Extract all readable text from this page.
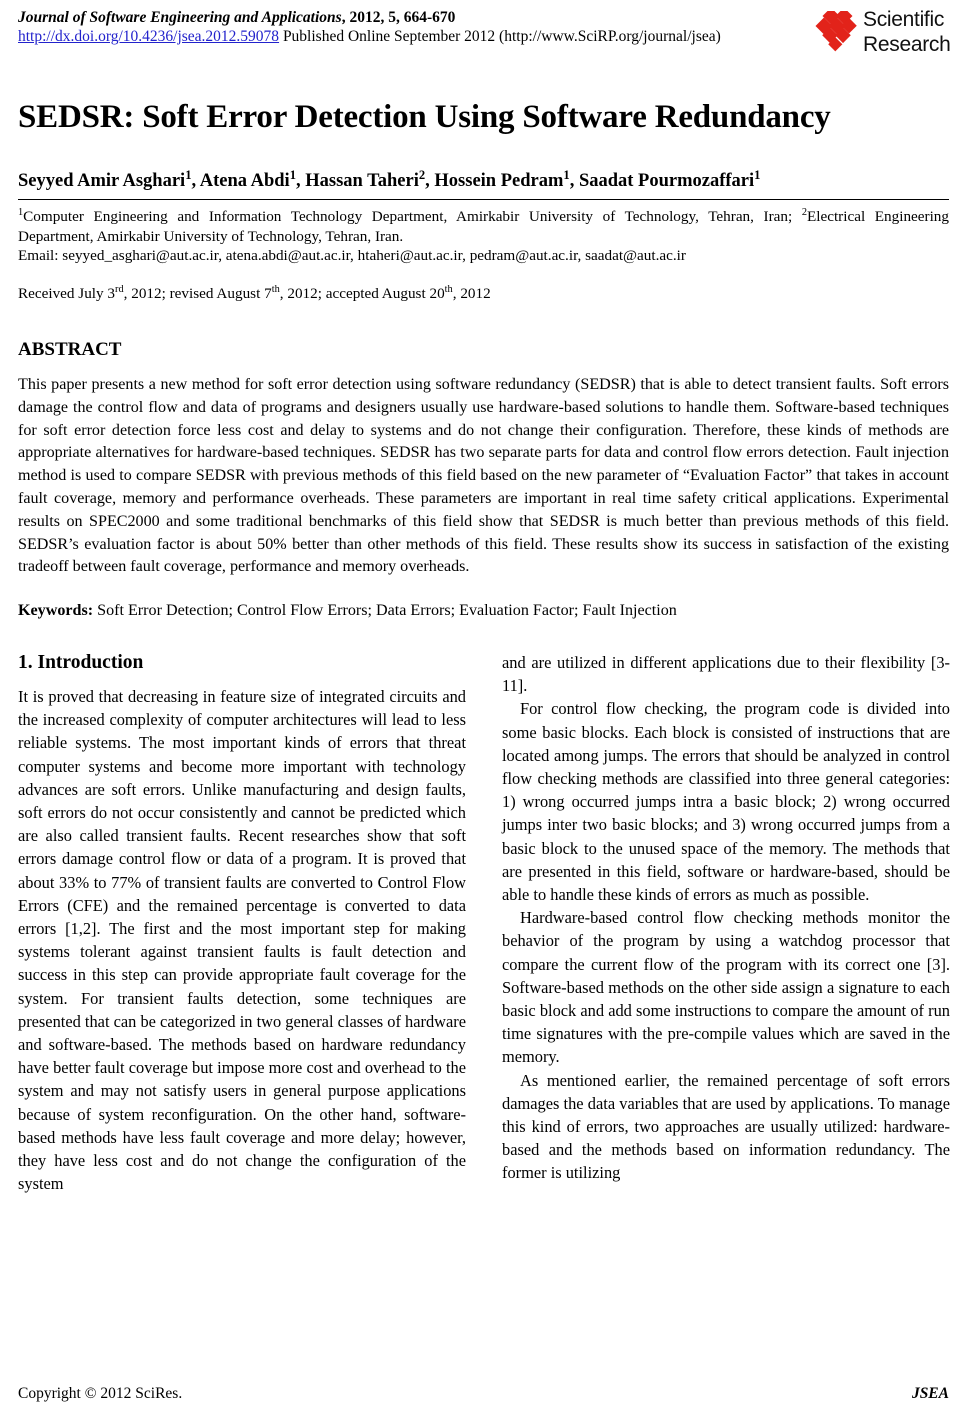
Journal of Software Engineering and Applications, 2012, 5, 664-670
http://dx.doi.org/10.4236/jsea.2012.59078 Published Online September 2012 (http://www.SciRP.org/journal/jsea)
Scientific
Research
SEDSR: Soft Error Detection Using Software Redundancy
Seyyed Amir Asghari$^1$, Atena Abdi$^1$, Hassan Taheri$^2$, Hossein Pedram$^1$, Saadat Pourmozaffari$^1$

$^1$Computer Engineering and Information Technology Department, Amirkabir University of Technology, Tehran, Iran; $^2$Electrical Engineering Department, Amirkabir University of Technology, Tehran, Iran.

Email: seyyed_asghari@aut.ac.ir, atena.abdi@aut.ac.ir, htaheri@aut.ac.ir, pedram@aut.ac.ir, saadat@aut.ac.ir

Received July 3rd, 2012; revised August 7th, 2012; accepted August 20th, 2012
ABSTRACT
This paper presents a new method for soft error detection using software redundancy (SEDSR) that is able to detect transient faults. Soft errors damage the control flow and data of programs and designers usually use hardware-based solutions to handle them. Software-based techniques for soft error detection force less cost and delay to systems and do not change their configuration. Therefore, these kinds of methods are appropriate alternatives for hardware-based techniques. SEDSR has two separate parts for data and control flow errors detection. Fault injection method is used to compare SEDSR with previous methods of this field based on the new parameter of “Evaluation Factor” that takes in account fault coverage, memory and performance overheads. These parameters are important in real time safety critical applications. Experimental results on SPEC2000 and some traditional benchmarks of this field show that SEDSR is much better than previous methods of this field. SEDSR’s evaluation factor is about 50% better than other methods of this field. These results show its success in satisfaction of the existing tradeoff between fault coverage, performance and memory overheads.
Keywords: Soft Error Detection; Control Flow Errors; Data Errors; Evaluation Factor; Fault Injection
1. Introduction

It is proved that decreasing in feature size of integrated circuits and the increased complexity of computer architectures will lead to less reliable systems. The most important kinds of errors that threat computer systems and become more important with technology advances are soft errors. Unlike manufacturing and design faults, soft errors do not occur consistently and cannot be predicted which are also called transient faults. Recent researches show that soft errors damage control flow or data of a program. It is proved that about 33% to 77% of transient faults are converted to Control Flow Errors (CFE) and the remained percentage is converted to data errors [1,2]. The first and the most important step for making systems tolerant against transient faults is fault detection and success in this step can provide appropriate fault coverage for the system. For transient faults detection, some techniques are presented that can be categorized in two general classes of hardware and software-based. The methods based on hardware redundancy have better fault coverage but impose more cost and overhead to the system and may not satisfy users in general purpose applications because of system reconfiguration. On the other hand, software-based methods have less fault coverage and more delay; however, they have less cost and do not change the configuration of the system

and are utilized in different applications due to their flexibility [3-11].

For control flow checking, the program code is divided into some basic blocks. Each block is consisted of instructions that are located among jumps. The errors that should be analyzed in control flow checking methods are classified into three general categories: 1) wrong occurred jumps intra a basic block; 2) wrong occurred jumps inter two basic blocks; and 3) wrong occurred jumps from a basic block to the unused space of the memory. The methods that are presented in this field, software or hardware-based, should be able to handle these kinds of errors as much as possible.

Hardware-based control flow checking methods monitor the behavior of the program by using a watchdog processor that compare the current flow of the program with its correct one [3]. Software-based methods on the other side assign a signature to each basic block and add some instructions to compare the amount of run time signatures with the pre-compile values which are saved in the memory.

As mentioned earlier, the remained percentage of soft errors damages the data variables that are used by applications. To manage this kind of errors, two approaches are usually utilized: hardware-based and the methods based on information redundancy. The former is utilizing

Copyright © 2012 SciRes.	JSEA
